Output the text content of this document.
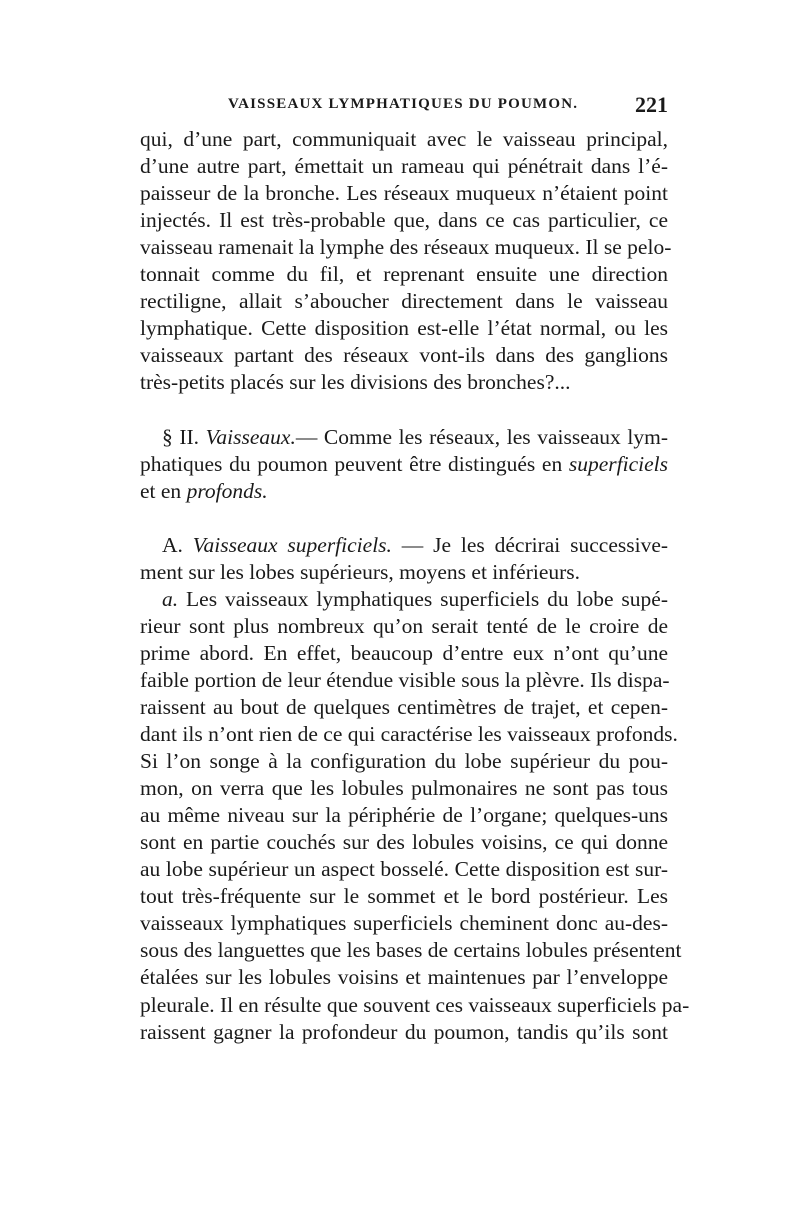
VAISSEAUX LYMPHATIQUES DU POUMON.	221
qui, d’une part, communiquait avec le vaisseau principal,
d’une autre part, émettait un rameau qui pénétrait dans l’é-
paisseur de la bronche. Les réseaux muqueux n’étaient point
injectés. Il est très-probable que, dans ce cas particulier, ce
vaisseau ramenait la lymphe des réseaux muqueux. Il se pelo-
tonnait comme du fil, et reprenant ensuite une direction
rectiligne, allait s’aboucher directement dans le vaisseau
lymphatique. Cette disposition est-elle l’état normal, ou les
vaisseaux partant des réseaux vont-ils dans des ganglions
très-petits placés sur les divisions des bronches?...
§ II. Vaisseaux.— Comme les réseaux, les vaisseaux lym-
phatiques du poumon peuvent être distingués en superficiels
et en profonds.
A. Vaisseaux superficiels. — Je les décrirai successive-
ment sur les lobes supérieurs, moyens et inférieurs.
a. Les vaisseaux lymphatiques superficiels du lobe supé-
rieur sont plus nombreux qu’on serait tenté de le croire de
prime abord. En effet, beaucoup d’entre eux n’ont qu’une
faible portion de leur étendue visible sous la plèvre. Ils dispa-
raissent au bout de quelques centimètres de trajet, et cepen-
dant ils n’ont rien de ce qui caractérise les vaisseaux profonds.
Si l’on songe à la configuration du lobe supérieur du pou-
mon, on verra que les lobules pulmonaires ne sont pas tous
au même niveau sur la périphérie de l’organe; quelques-uns
sont en partie couchés sur des lobules voisins, ce qui donne
au lobe supérieur un aspect bosselé. Cette disposition est sur-
tout très-fréquente sur le sommet et le bord postérieur. Les
vaisseaux lymphatiques superficiels cheminent donc au-des-
sous des languettes que les bases de certains lobules présentent
étalées sur les lobules voisins et maintenues par l’enveloppe
pleurale. Il en résulte que souvent ces vaisseaux superficiels pa-
raissent gagner la profondeur du poumon, tandis qu’ils sont
